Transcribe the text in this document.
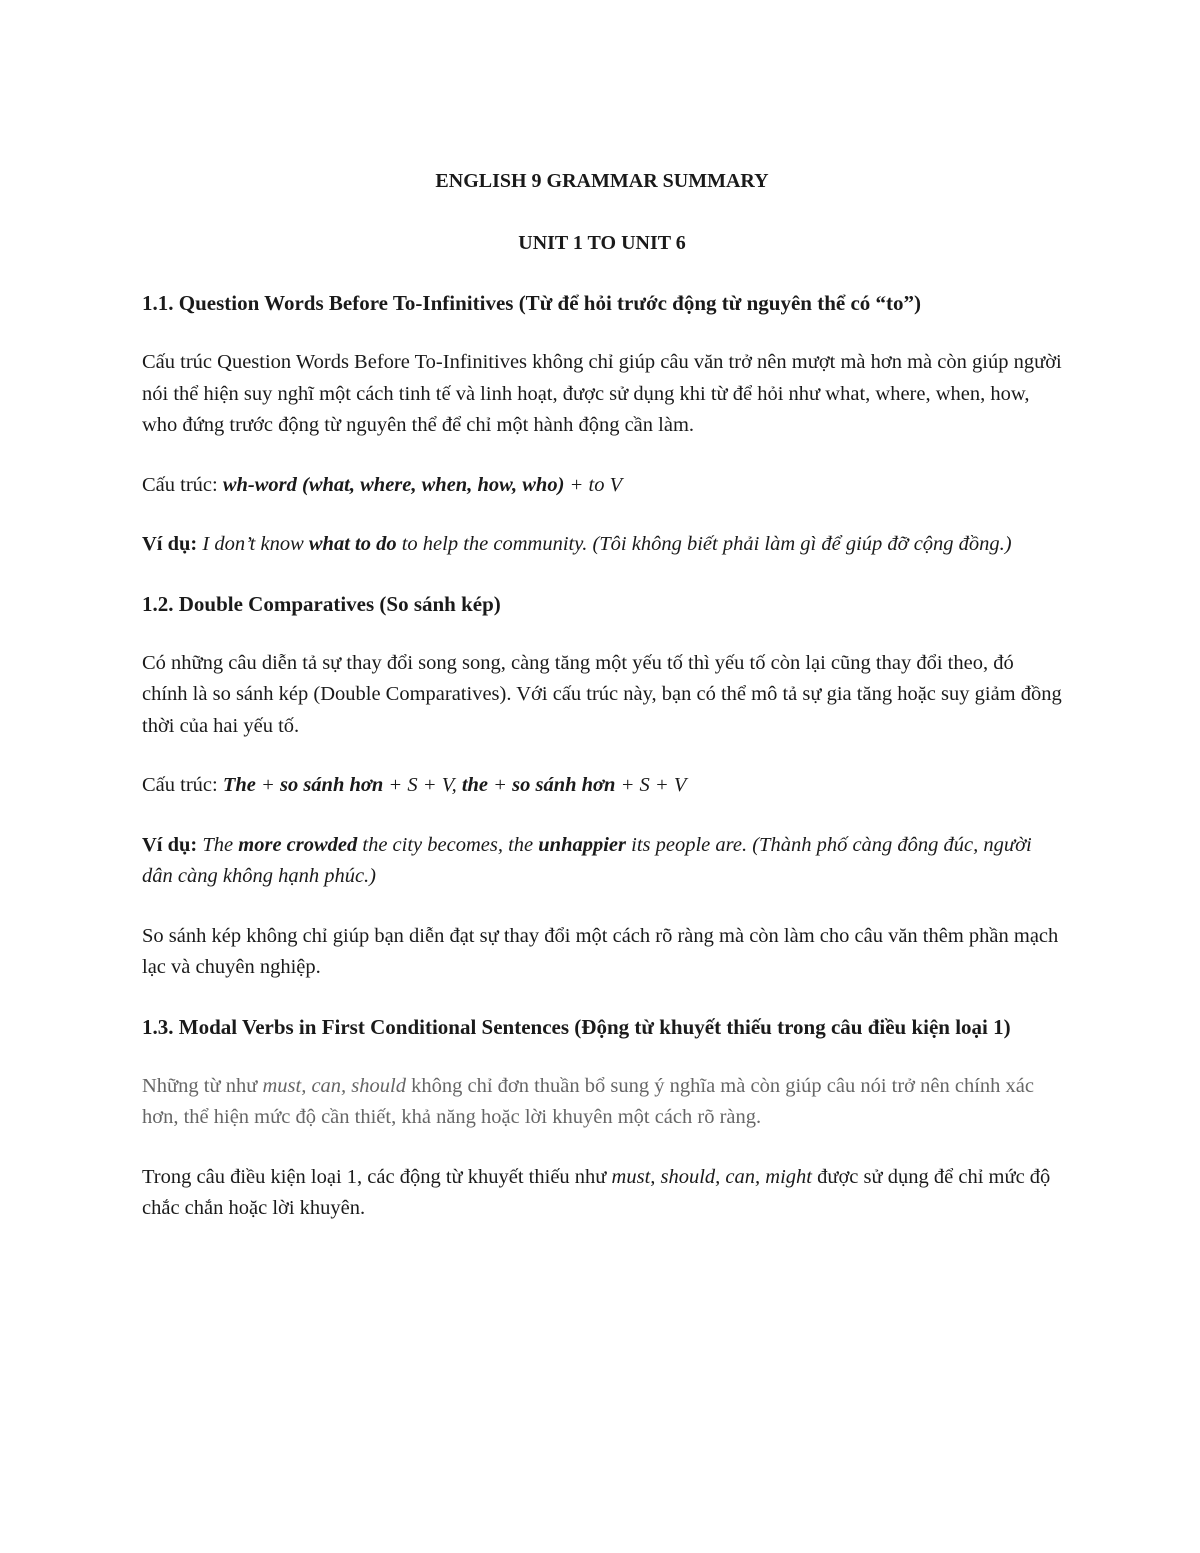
ENGLISH 9 GRAMMAR SUMMARY

UNIT 1 TO UNIT 6

1.1. Question Words Before To-Infinitives (Từ để hỏi trước động từ nguyên thể có “to”)

Cấu trúc Question Words Before To-Infinitives không chỉ giúp câu văn trở nên mượt mà hơn mà còn giúp người nói thể hiện suy nghĩ một cách tinh tế và linh hoạt, được sử dụng khi từ để hỏi như what, where, when, how, who đứng trước động từ nguyên thể để chỉ một hành động cần làm.

Cấu trúc: wh-word (what, where, when, how, who) + to V

Ví dụ: I don’t know what to do to help the community. (Tôi không biết phải làm gì để giúp đỡ cộng đồng.)

1.2. Double Comparatives (So sánh kép)

Có những câu diễn tả sự thay đổi song song, càng tăng một yếu tố thì yếu tố còn lại cũng thay đổi theo, đó chính là so sánh kép (Double Comparatives). Với cấu trúc này, bạn có thể mô tả sự gia tăng hoặc suy giảm đồng thời của hai yếu tố.

Cấu trúc: The + so sánh hơn + S + V, the + so sánh hơn + S + V

Ví dụ: The more crowded the city becomes, the unhappier its people are. (Thành phố càng đông đúc, người dân càng không hạnh phúc.)

So sánh kép không chỉ giúp bạn diễn đạt sự thay đổi một cách rõ ràng mà còn làm cho câu văn thêm phần mạch lạc và chuyên nghiệp.

1.3. Modal Verbs in First Conditional Sentences (Động từ khuyết thiếu trong câu điều kiện loại 1)

Những từ như must, can, should không chỉ đơn thuần bổ sung ý nghĩa mà còn giúp câu nói trở nên chính xác hơn, thể hiện mức độ cần thiết, khả năng hoặc lời khuyên một cách rõ ràng.

Trong câu điều kiện loại 1, các động từ khuyết thiếu như must, should, can, might được sử dụng để chỉ mức độ chắc chắn hoặc lời khuyên.
